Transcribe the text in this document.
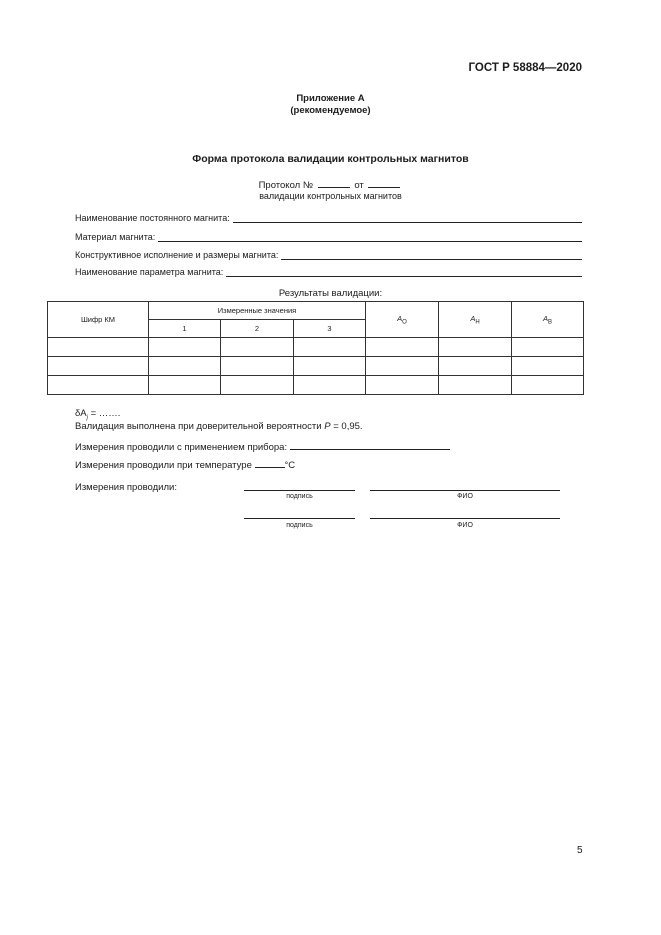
ГОСТ Р 58884—2020
Приложение А
(рекомендуемое)
Форма протокола валидации контрольных магнитов
Протокол №	от
валидации контрольных магнитов
Наименование постоянного магнита:
Материал магнита:
Конструктивное исполнение и размеры магнита:
Наименование параметра магнита:
Результаты валидации:
Шифр КМ	Измеренные значения			$A_О$	$A_Н$	$A_В$
	1	2	3			

$\delta A_j$ = …….
Валидация выполнена при доверительной вероятности P = 0,95.
Измерения проводили с применением прибора:
Измерения проводили при температуре	°C
Измерения проводили:
подпись	ФИО
подпись	ФИО
5
